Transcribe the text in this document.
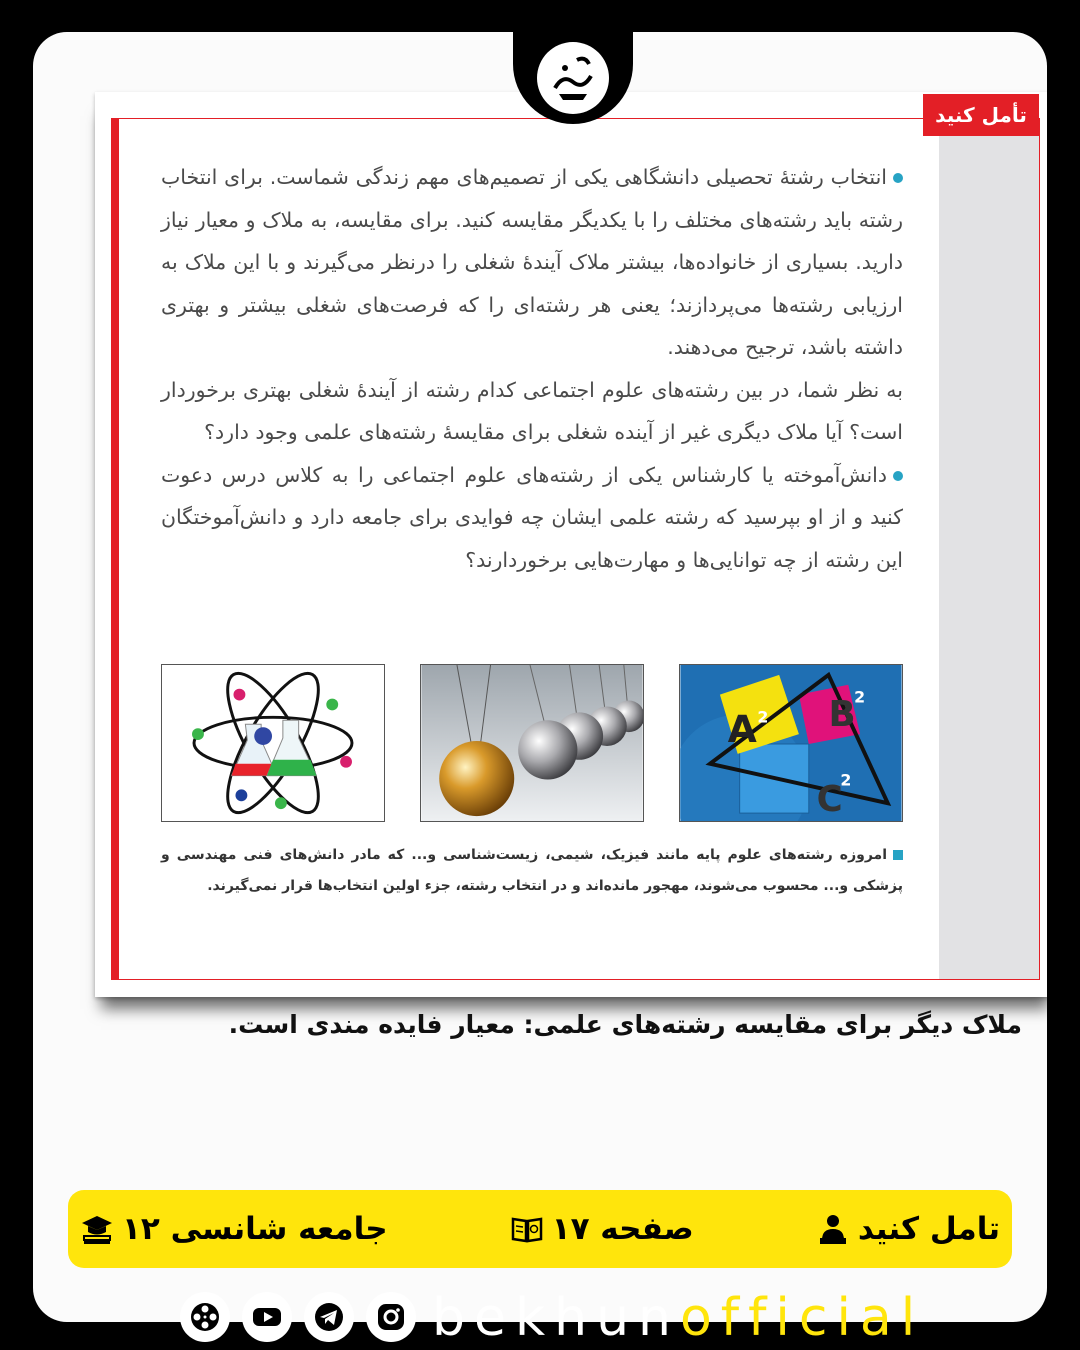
تأمل کنید
انتخاب رشتهٔ تحصیلی دانشگاهی یکی از تصمیم‌های مهم زندگی شماست. برای انتخاب رشته باید رشته‌های مختلف را با یکدیگر مقایسه کنید. برای مقایسه، به ملاک و معیار نیاز دارید. بسیاری از خانواده‌ها، بیشتر ملاک آیندهٔ شغلی را درنظر می‌گیرند و با این ملاک به ارزیابی رشته‌ها می‌پردازند؛ یعنی هر رشته‌ای را که فرصت‌های شغلی بیشتر و بهتری داشته باشد، ترجیح می‌دهند.
به نظر شما، در بین رشته‌های علوم اجتماعی کدام رشته از آیندهٔ شغلی بهتری برخوردار است؟ آیا ملاک دیگری غیر از آینده شغلی برای مقایسهٔ رشته‌های علمی وجود دارد؟
دانش‌آموخته یا کارشناس یکی از رشته‌های علوم اجتماعی را به کلاس درس دعوت کنید و از او بپرسید که رشته علمی ایشان چه فوایدی برای جامعه دارد و دانش‌آموختگان این رشته از چه توانایی‌ها و مهارت‌هایی برخوردارند؟
A 2 B
2
C
2
امروزه رشته‌های علوم پایه مانند فیزیک، شیمی، زیست‌شناسی و... که مادر دانش‌های فنی مهندسی و پزشکی و... محسوب می‌شوند، مهجور مانده‌اند و در انتخاب رشته، جزء اولین انتخاب‌ها قرار نمی‌گیرند.
ملاک دیگر برای مقایسه رشته‌های علمی: معیار فایده مندی است.
تامل کنید
صفحه ۱۷
جامعه شانسی ۱۲
bekhunofficial
